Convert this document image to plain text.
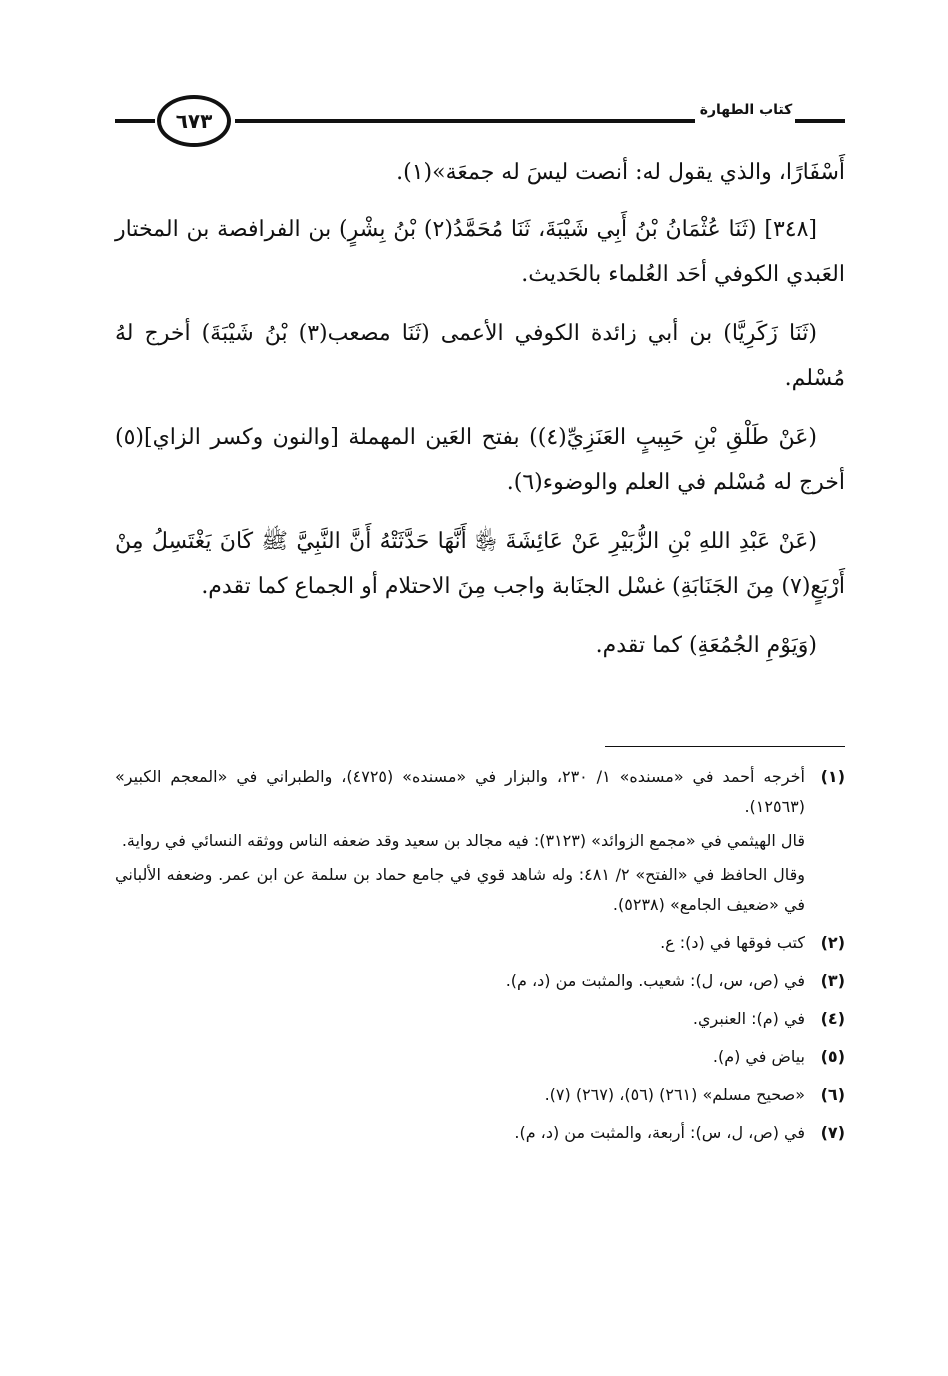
٦٧٣	كتاب الطهارة

أَسْفَارًا، والذي يقول له: أنصت ليسَ له جمعَة»(١).

[٣٤٨] (ثَنَا عُثْمَانُ بْنُ أَبِي شَيْبَةَ، ثَنَا مُحَمَّدُ(٢) بْنُ بِشْرٍ) بن الفرافصة بن المختار العَبدي الكوفي أحَد العُلماء بالحَديث.

(ثَنَا زَكَرِيَّا) بن أبي زائدة الكوفي الأعمى (ثَنَا مصعب(٣) بْنُ شَيْبَةَ) أخرج لهُ مُسْلم.

(عَنْ طَلْقِ بْنِ حَبِيبٍ العَنَزِيِّ(٤)) بفتح العَين المهملة [والنون وكسر الزاي](٥) أخرج له مُسْلم في العلم والوضوء(٦).

(عَنْ عَبْدِ اللهِ بْنِ الزُّبَيْرِ عَنْ عَائِشَةَ ﵂ أَنَّهَا حَدَّثَتْهُ أَنَّ النَّبِيَّ ﷺ كَانَ يَغْتَسِلُ مِنْ أَرْبَعٍ(٧) مِنَ الجَنَابَةِ) غسْل الجنَابة واجب مِنَ الاحتلام أو الجماع كما تقدم.

(وَيَوْمِ الجُمُعَةِ) كما تقدم.

(١)
أخرجه أحمد في «مسنده» ١/ ٢٣٠، والبزار في «مسنده» (٤٧٢٥)، والطبراني في «المعجم الكبير» (١٢٥٦٣).
قال الهيثمي في «مجمع الزوائد» (٣١٢٣): فيه مجالد بن سعيد وقد ضعفه الناس ووثقه النسائي في رواية.
وقال الحافظ في «الفتح» ٢/ ٤٨١: وله شاهد قوي في جامع حماد بن سلمة عن ابن عمر. وضعفه الألباني في «ضعيف الجامع» (٥٢٣٨).
(٢)
كتب فوقها في (د): ع.
(٣)
في (ص، س، ل): شعيب. والمثبت من (د، م).
(٤)
في (م): العنبري.
(٥)
بياض في (م).
(٦)
«صحيح مسلم» (٢٦١) (٥٦)، (٢٦٧) (٧).
(٧)
في (ص، ل، س): أربعة، والمثبت من (د، م).
